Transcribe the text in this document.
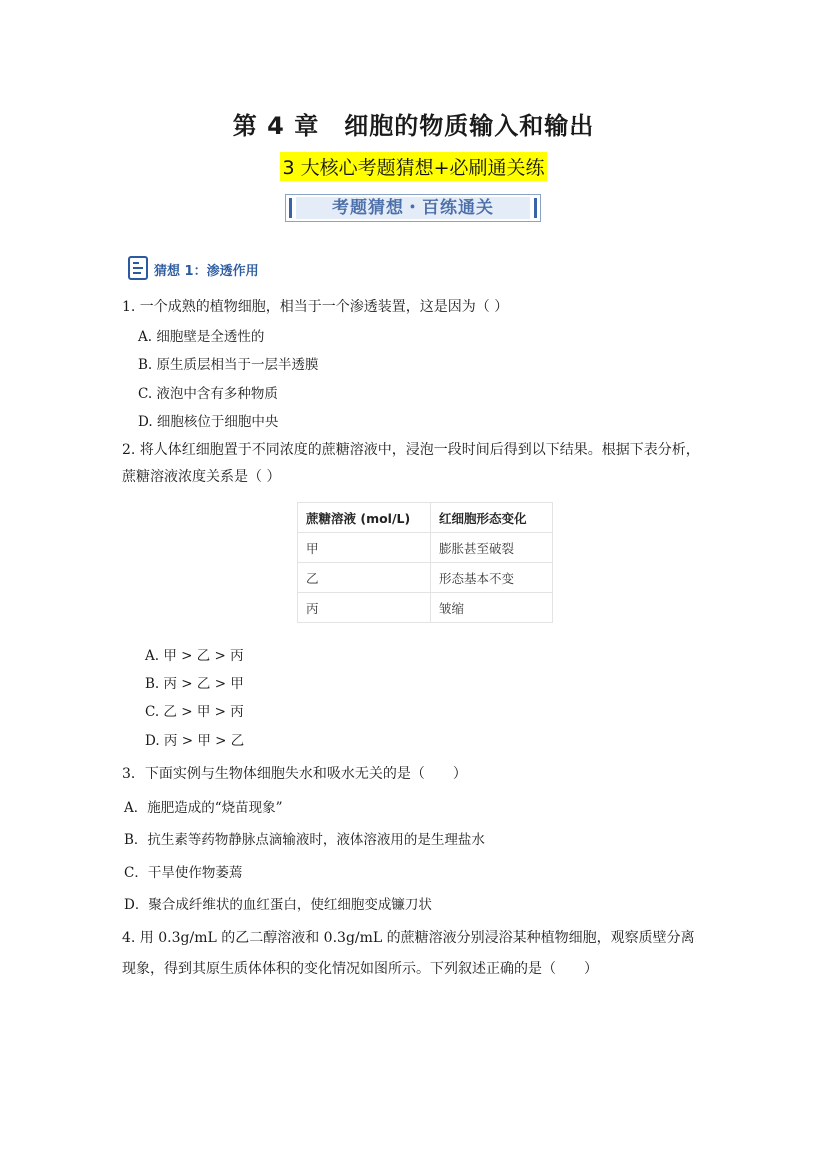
第 4 章　细胞的物质输入和输出
3 大核心考题猜想+必刷通关练
考题猜想・百练通关
猜想 1：渗透作用
1. 一个成熟的植物细胞，相当于一个渗透装置，这是因为（ ）
A. 细胞壁是全透性的
B. 原生质层相当于一层半透膜
C. 液泡中含有多种物质
D. 细胞核位于细胞中央
2. 将人体红细胞置于不同浓度的蔗糖溶液中，浸泡一段时间后得到以下结果。根据下表分析，
蔗糖溶液浓度关系是（ ）
蔗糖溶液 (mol/L)	红细胞形态变化
甲	膨胀甚至破裂
乙	形态基本不变
丙	皱缩
A. 甲 > 乙 > 丙
B. 丙 > 乙 > 甲
C. 乙 > 甲 > 丙
D. 丙 > 甲 > 乙
3．下面实例与生物体细胞失水和吸水无关的是（　　）
A．施肥造成的“烧苗现象”
B．抗生素等药物静脉点滴输液时，液体溶液用的是生理盐水
C．干旱使作物萎蔫
D．聚合成纤维状的血红蛋白，使红细胞变成镰刀状
4. 用 0.3g/mL 的乙二醇溶液和 0.3g/mL 的蔗糖溶液分别浸浴某种植物细胞，观察质壁分离
现象，得到其原生质体体积的变化情况如图所示。下列叙述正确的是（　　）
